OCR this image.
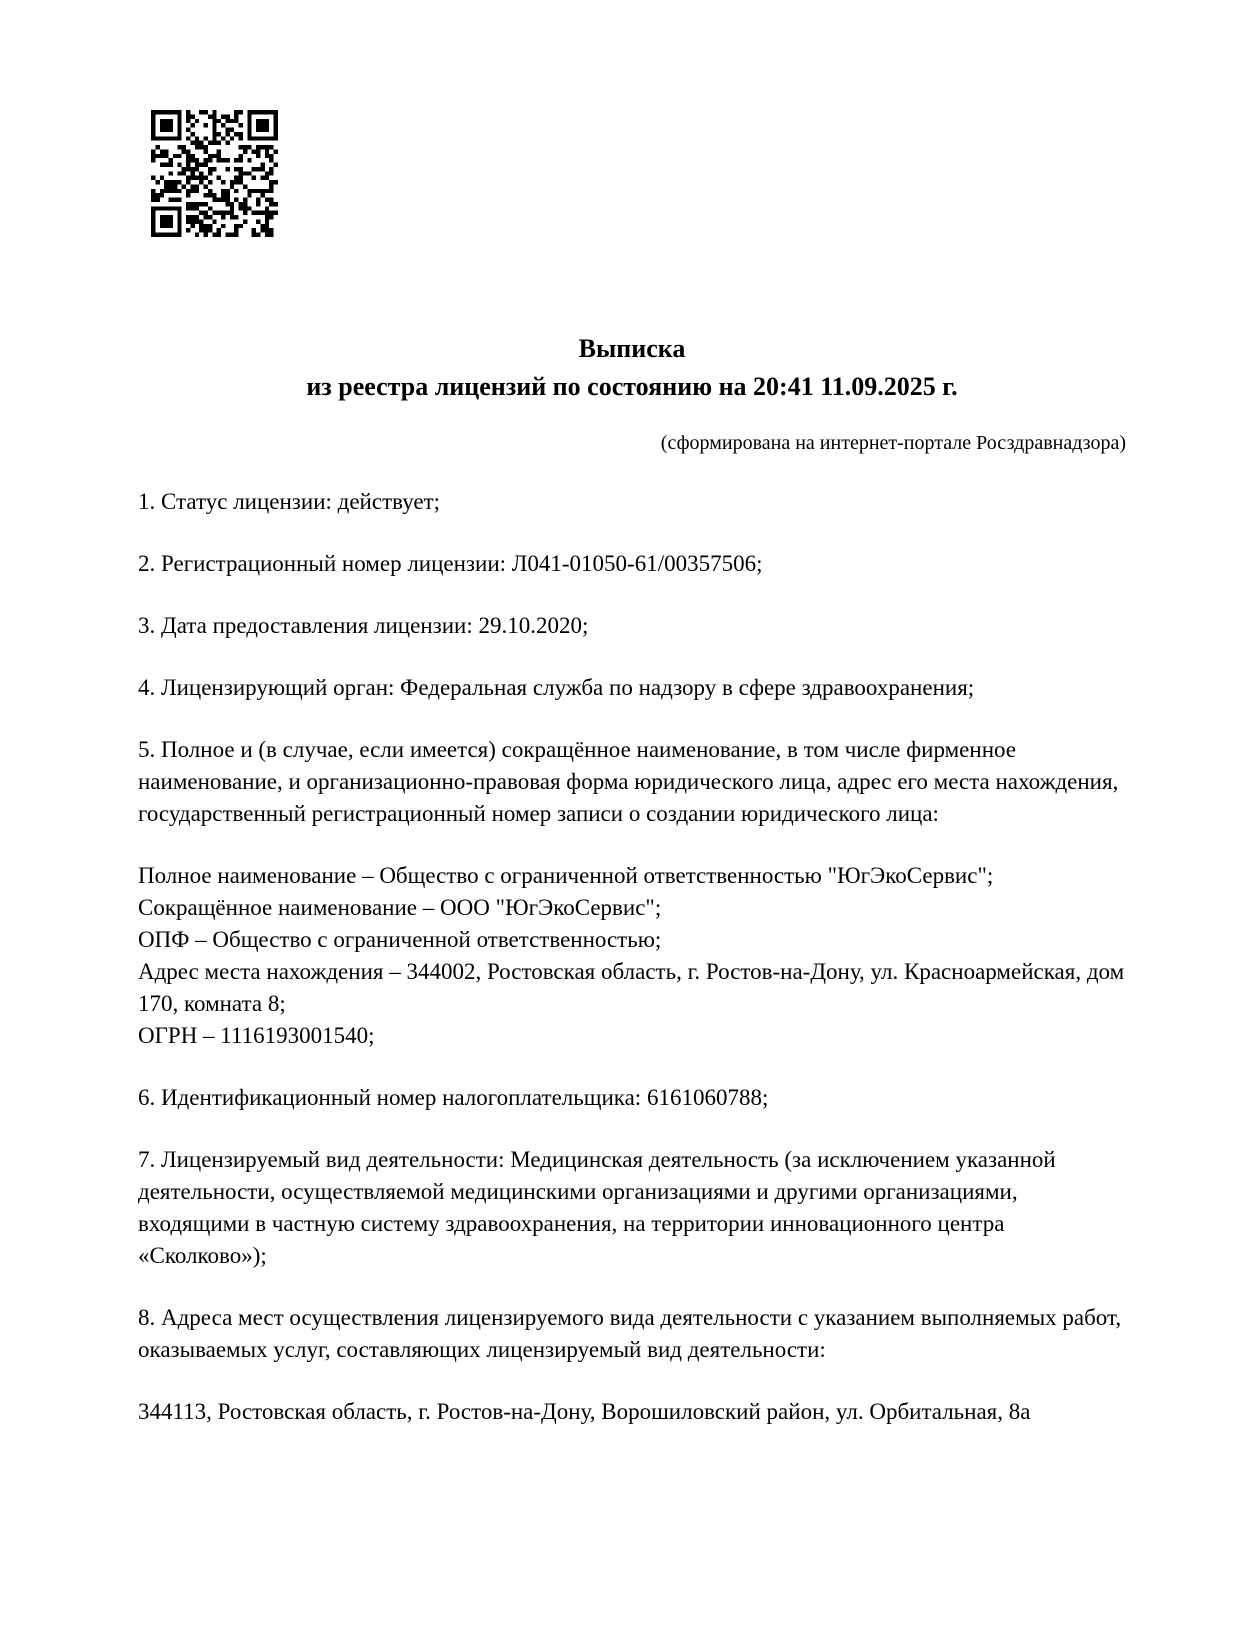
Выписка

из реестра лицензий по состоянию на 20:41 11.09.2025 г.

(сформирована на интернет-портале Росздравнадзора)

1. Статус лицензии: действует;

2. Регистрационный номер лицензии: Л041-01050-61/00357506;

3. Дата предоставления лицензии: 29.10.2020;

4. Лицензирующий орган: Федеральная служба по надзору в сфере здравоохранения;

5. Полное и (в случае, если имеется) сокращённое наименование, в том числе фирменное наименование, и организационно-правовая форма юридического лица, адрес его места нахождения, государственный регистрационный номер записи о создании юридического лица:

Полное наименование – Общество с ограниченной ответственностью "ЮгЭкоСервис";

Сокращённое наименование – ООО "ЮгЭкоСервис";

ОПФ – Общество с ограниченной ответственностью;

Адрес места нахождения – 344002, Ростовская область, г. Ростов-на-Дону, ул. Красноармейская, дом 170, комната 8;

ОГРН – 1116193001540;

6. Идентификационный номер налогоплательщика: 6161060788;

7. Лицензируемый вид деятельности: Медицинская деятельность (за исключением указанной деятельности, осуществляемой медицинскими организациями и другими организациями, входящими в частную систему здравоохранения, на территории инновационного центра «Сколково»);

8. Адреса мест осуществления лицензируемого вида деятельности с указанием выполняемых работ, оказываемых услуг, составляющих лицензируемый вид деятельности:

344113, Ростовская область, г. Ростов-на-Дону, Ворошиловский район, ул. Орбитальная, 8а
